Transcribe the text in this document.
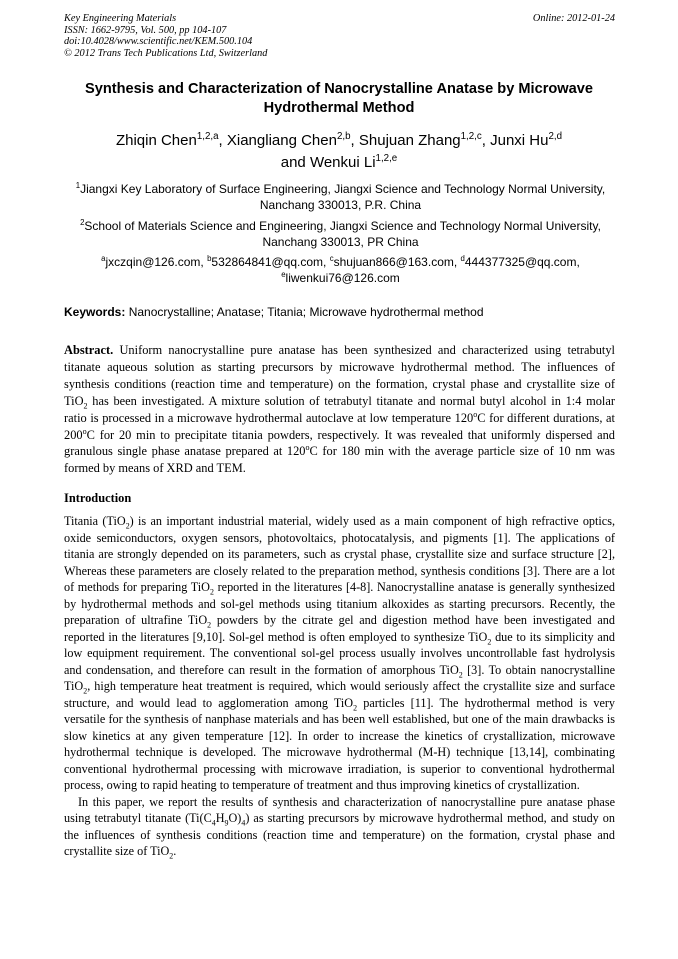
Key Engineering Materials
ISSN: 1662-9795, Vol. 500, pp 104-107
doi:10.4028/www.scientific.net/KEM.500.104
© 2012 Trans Tech Publications Ltd, Switzerland
Online: 2012-01-24
Synthesis and Characterization of Nanocrystalline Anatase by Microwave Hydrothermal Method
Zhiqin Chen$^{1,2,a}$, Xiangliang Chen$^{2,b}$, Shujuan Zhang$^{1,2,c}$, Junxi Hu$^{2,d}$
and Wenkui Li$^{1,2,e}$
$^1$Jiangxi Key Laboratory of Surface Engineering, Jiangxi Science and Technology Normal University, Nanchang 330013, P.R. China
$^2$School of Materials Science and Engineering, Jiangxi Science and Technology Normal University, Nanchang 330013, PR China
$^a$jxczqin@126.com, $^b$532864841@qq.com, $^c$shujuan866@163.com, $^d$444377325@qq.com,
$^e$liwenkui76@126.com
Keywords: Nanocrystalline; Anatase; Titania; Microwave hydrothermal method
Abstract. Uniform nanocrystalline pure anatase has been synthesized and characterized using tetrabutyl titanate aqueous solution as starting precursors by microwave hydrothermal method. The influences of synthesis conditions (reaction time and temperature) on the formation, crystal phase and crystallite size of TiO$_2$ has been investigated. A mixture solution of tetrabutyl titanate and normal butyl alcohol in 1:4 molar ratio is processed in a microwave hydrothermal autoclave at low temperature 120$^o$C for different durations, at 200$^o$C for 20 min to precipitate titania powders, respectively. It was revealed that uniformly dispersed and granulous single phase anatase prepared at 120$^o$C for 180 min with the average particle size of 10 nm was formed by means of XRD and TEM.
Introduction

Titania (TiO$_2$) is an important industrial material, widely used as a main component of high refractive optics, oxide semiconductors, oxygen sensors, photovoltaics, photocatalysis, and pigments [1]. The applications of titania are strongly depended on its parameters, such as crystal phase, crystallite size and surface structure [2], Whereas these parameters are closely related to the preparation method, synthesis conditions [3]. There are a lot of methods for preparing TiO$_2$ reported in the literatures [4-8]. Nanocrystalline anatase is generally synthesized by hydrothermal methods and sol-gel methods using titanium alkoxides as starting precursors. Recently, the preparation of ultrafine TiO$_2$ powders by the citrate gel and digestion method have been investigated and reported in the literatures [9,10]. Sol-gel method is often employed to synthesize TiO$_2$ due to its simplicity and low equipment requirement. The conventional sol-gel process usually involves uncontrollable fast hydrolysis and condensation, and therefore can result in the formation of amorphous TiO$_2$ [3]. To obtain nanocrystalline TiO$_2$, high temperature heat treatment is required, which would seriously affect the crystallite size and surface structure, and would lead to agglomeration among TiO$_2$ particles [11]. The hydrothermal method is very versatile for the synthesis of nanphase materials and has been well established, but one of the main drawbacks is slow kinetics at any given temperature [12]. In order to increase the kinetics of crystallization, microwave hydrothermal technique is developed. The microwave hydrothermal (M-H) technique [13,14], combinating conventional hydrothermal processing with microwave irradiation, is superior to conventional hydrothermal process, owing to rapid heating to temperature of treatment and thus improving kinetics of crystallization.

In this paper, we report the results of synthesis and characterization of nanocrystalline pure anatase phase using tetrabutyl titanate $(Ti(C_4H_9O)_4)$ as starting precursors by microwave hydrothermal method, and study on the influences of synthesis conditions (reaction time and temperature) on the formation, crystal phase and crystallite size of TiO$_2$.
